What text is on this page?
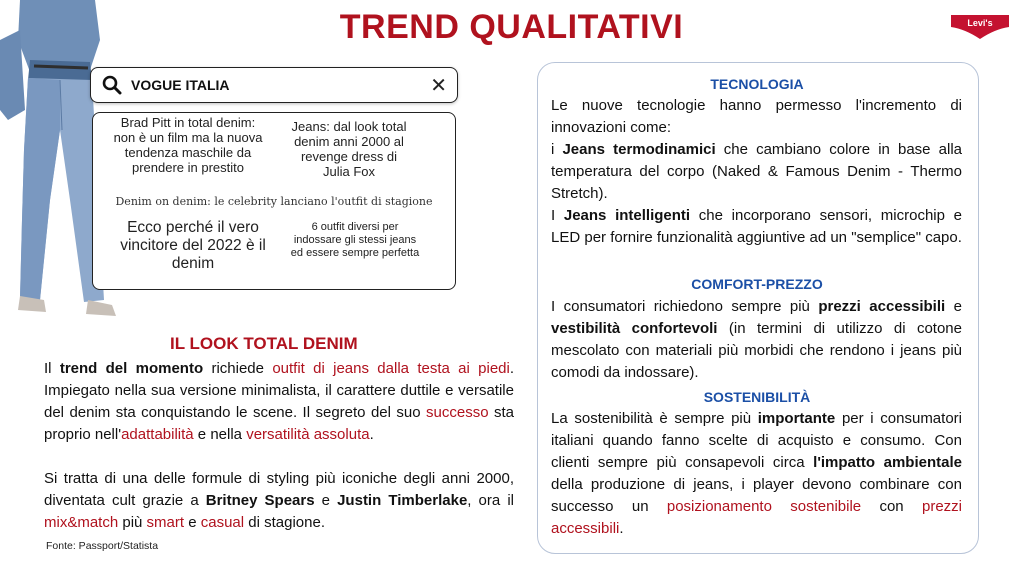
TREND QUALITATIVI	Levi's
Brad Pitt in total denim: non è un film ma la nuova tendenza maschile da prendere in prestito
Jeans: dal look total denim anni 2000 al revenge dress di Julia Fox
Denim on denim: le celebrity lanciano l'outfit di stagione
Ecco perché il vero vincitore del 2022 è il denim
6 outfit diversi per indossare gli stessi jeans ed essere sempre perfetta
VOGUE ITALIA	✕
IL LOOK TOTAL DENIM
Il trend del momento richiede outfit di jeans dalla testa ai piedi. Impiegato nella sua versione minimalista, il carattere duttile e versatile del denim sta conquistando le scene. Il segreto del suo successo sta proprio nell'adattabilità e nella versatilità assoluta.
Si tratta di una delle formule di styling più iconiche degli anni 2000, diventata cult grazie a Britney Spears e Justin Timberlake, ora il mix&match più smart e casual di stagione.
Fonte: Passport/Statista
TECNOLOGIA
Le nuove tecnologie hanno permesso l'incremento di innovazioni come:
i Jeans termodinamici che cambiano colore in base alla temperatura del corpo (Naked & Famous Denim - Thermo Stretch).
I Jeans intelligenti che incorporano sensori, microchip e LED per fornire funzionalità aggiuntive ad un "semplice" capo.
COMFORT-PREZZO
I consumatori richiedono sempre più prezzi accessibili e vestibilità confortevoli (in termini di utilizzo di cotone mescolato con materiali più morbidi che rendono i jeans più comodi da indossare).
SOSTENIBILITÀ
La sostenibilità è sempre più importante per i consumatori italiani quando fanno scelte di acquisto e consumo. Con clienti sempre più consapevoli circa l'impatto ambientale della produzione di jeans, i player devono combinare con successo un posizionamento sostenibile con prezzi accessibili.
